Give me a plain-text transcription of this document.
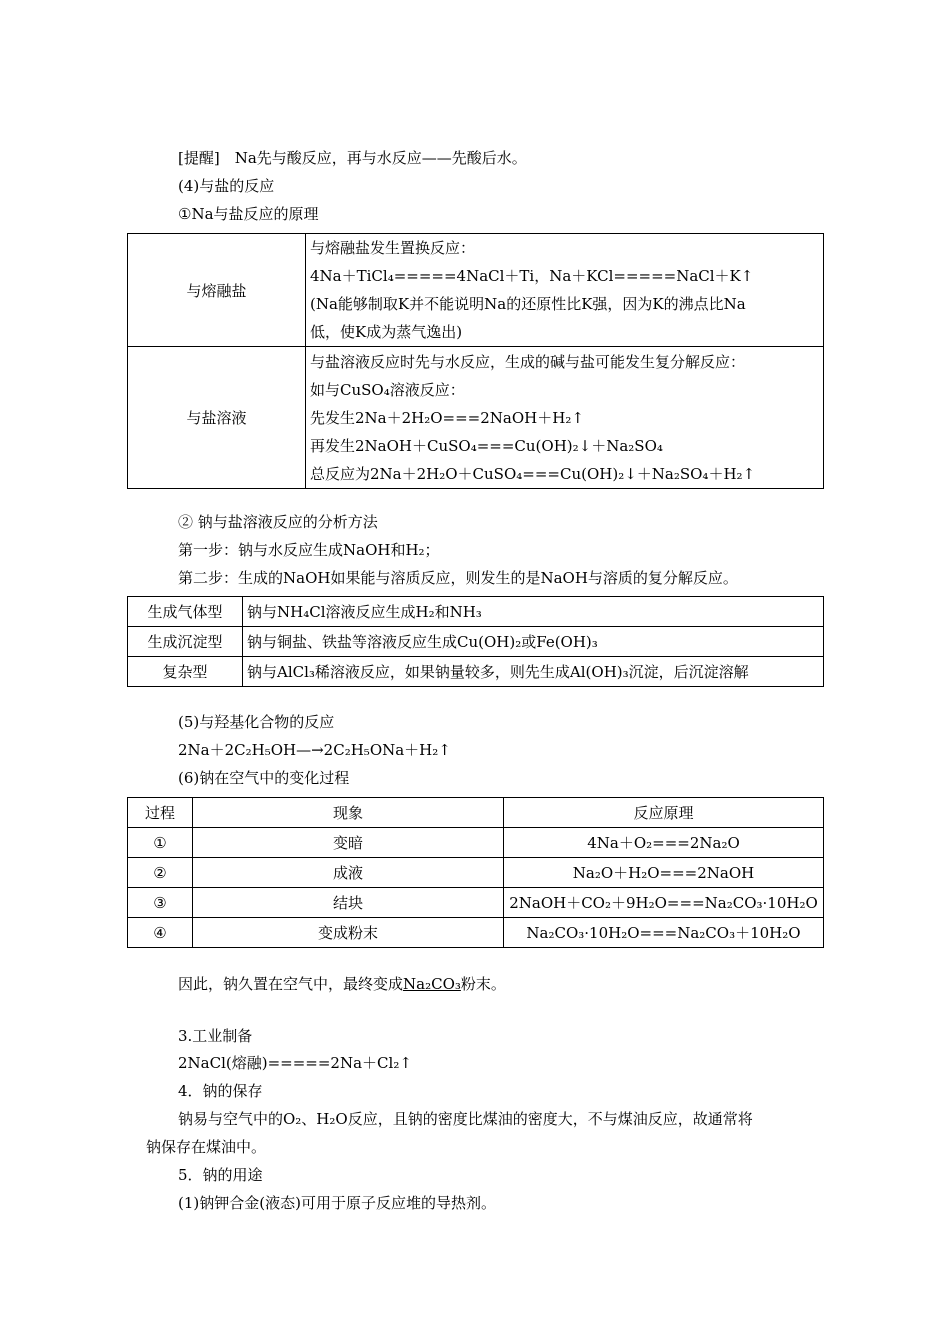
[提醒]　Na先与酸反应，再与水反应——先酸后水。
(4)与盐的反应
①Na与盐反应的原理
与熔融盐	与熔融盐发生置换反应：
4Na＋TiCl₄=====4NaCl＋Ti，Na＋KCl=====NaCl＋K↑
(Na能够制取K并不能说明Na的还原性比K强，因为K的沸点比Na
低，使K成为蒸气逸出)

与盐溶液	与盐溶液反应时先与水反应，生成的碱与盐可能发生复分解反应：
如与CuSO₄溶液反应：
先发生2Na＋2H₂O===2NaOH＋H₂↑
再发生2NaOH＋CuSO₄===Cu(OH)₂↓＋Na₂SO₄
总反应为2Na＋2H₂O＋CuSO₄===Cu(OH)₂↓＋Na₂SO₄＋H₂↑
② 钠与盐溶液反应的分析方法
第一步：钠与水反应生成NaOH和H₂；
第二步：生成的NaOH如果能与溶质反应，则发生的是NaOH与溶质的复分解反应。
生成气体型	钠与NH₄Cl溶液反应生成H₂和NH₃
生成沉淀型	钠与铜盐、铁盐等溶液反应生成Cu(OH)₂或Fe(OH)₃
复杂型	钠与AlCl₃稀溶液反应，如果钠量较多，则先生成Al(OH)₃沉淀，后沉淀溶解
(5)与羟基化合物的反应
2Na＋2C₂H₅OH—→2C₂H₅ONa＋H₂↑
(6)钠在空气中的变化过程
过程	现象	反应原理
①	变暗	4Na＋O₂===2Na₂O
②	成液	Na₂O＋H₂O===2NaOH
③	结块	2NaOH＋CO₂＋9H₂O===Na₂CO₃·10H₂O
④	变成粉末	Na₂CO₃·10H₂O===Na₂CO₃＋10H₂O
因此，钠久置在空气中，最终变成Na₂CO₃粉末。
3.工业制备
2NaCl(熔融)=====2Na＋Cl₂↑
4．钠的保存
钠易与空气中的O₂、H₂O反应，且钠的密度比煤油的密度大，不与煤油反应，故通常将
钠保存在煤油中。
5．钠的用途
(1)钠钾合金(液态)可用于原子反应堆的导热剂。
